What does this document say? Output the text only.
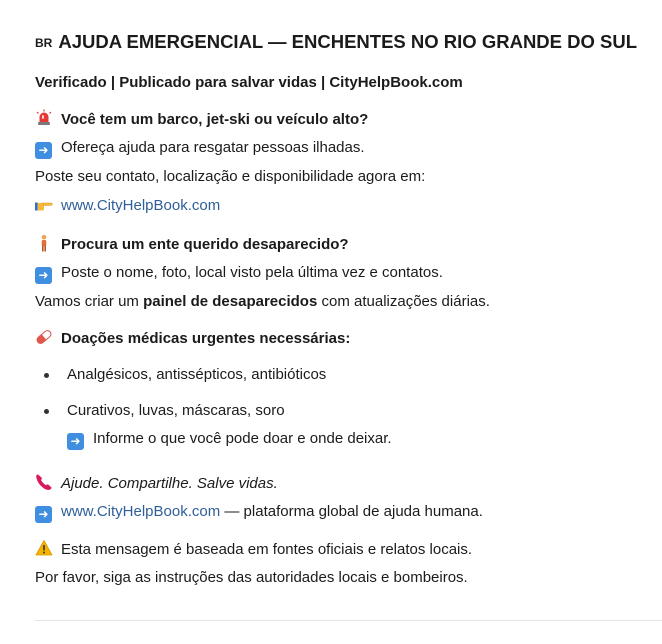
BR AJUDA EMERGENCIAL — ENCHENTES NO RIO GRANDE DO SUL
Verificado | Publicado para salvar vidas | CityHelpBook.com
Você tem um barco, jet-ski ou veículo alto?
➜ Ofereça ajuda para resgatar pessoas ilhadas.
Poste seu contato, localização e disponibilidade agora em:
www.CityHelpBook.com
Procura um ente querido desaparecido?
➜ Poste o nome, foto, local visto pela última vez e contatos.
Vamos criar um painel de desaparecidos com atualizações diárias.
Doações médicas urgentes necessárias:
Analgésicos, antissépticos, antibióticos
Curativos, luvas, máscaras, soro
➜ Informe o que você pode doar e onde deixar.
Ajude. Compartilhe. Salve vidas.
➜ www.CityHelpBook.com — plataforma global de ajuda humana.
Esta mensagem é baseada em fontes oficiais e relatos locais.
Por favor, siga as instruções das autoridades locais e bombeiros.
